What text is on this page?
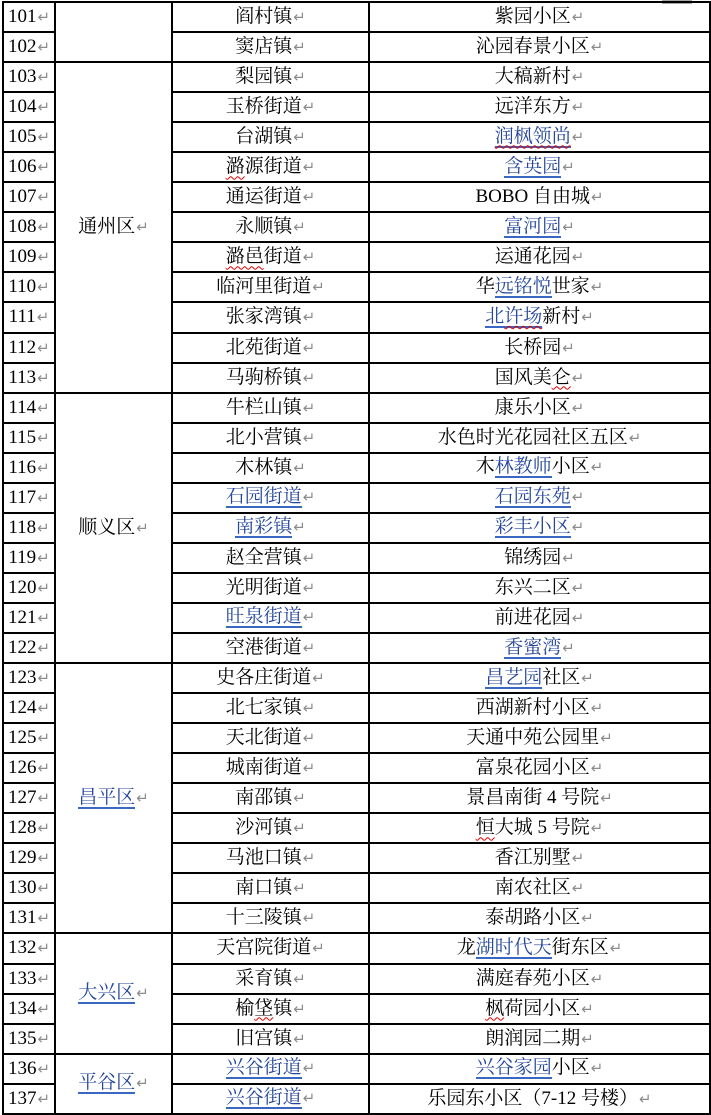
101↵		阎村镇↵	紫园小区↵
102↵		窦店镇↵	沁园春景小区↵
103↵	通州区↵	梨园镇↵	大稿新村↵
104↵		玉桥街道↵	远洋东方↵
105↵		台湖镇↵	润枫领尚↵
106↵		潞源街道↵	含英园↵
107↵		通运街道↵	BOBO 自由城↵
108↵		永顺镇↵	富河园↵
109↵		潞邑街道↵	运通花园↵
110↵		临河里街道↵	华远铭悦世家↵
111↵		张家湾镇↵	北许场新村↵
112↵		北苑街道↵	长桥园↵
113↵		马驹桥镇↵	国风美仑↵
114↵	顺义区↵	牛栏山镇↵	康乐小区↵
115↵		北小营镇↵	水色时光花园社区五区↵
116↵		木林镇↵	木林教师小区↵
117↵		石园街道↵	石园东苑↵
118↵		南彩镇↵	彩丰小区↵
119↵		赵全营镇↵	锦绣园↵
120↵		光明街道↵	东兴二区↵
121↵		旺泉街道↵	前进花园↵
122↵		空港街道↵	香蜜湾↵
123↵	昌平区↵	史各庄街道↵	昌艺园社区↵
124↵		北七家镇↵	西湖新村小区↵
125↵		天北街道↵	天通中苑公园里↵
126↵		城南街道↵	富泉花园小区↵
127↵		南邵镇↵	景昌南街 4 号院↵
128↵		沙河镇↵	恒大城 5 号院↵
129↵		马池口镇↵	香江别墅↵
130↵		南口镇↵	南农社区↵
131↵		十三陵镇↵	泰胡路小区↵
132↵	大兴区↵	天宫院街道↵	龙湖时代天街东区↵
133↵		采育镇↵	满庭春苑小区↵
134↵		榆垡镇↵	枫荷园小区↵
135↵		旧宫镇↵	朗润园二期↵
136↵	平谷区↵	兴谷街道↵	兴谷家园小区↵
137↵		兴谷街道↵	乐园东小区（7-12 号楼）↵
